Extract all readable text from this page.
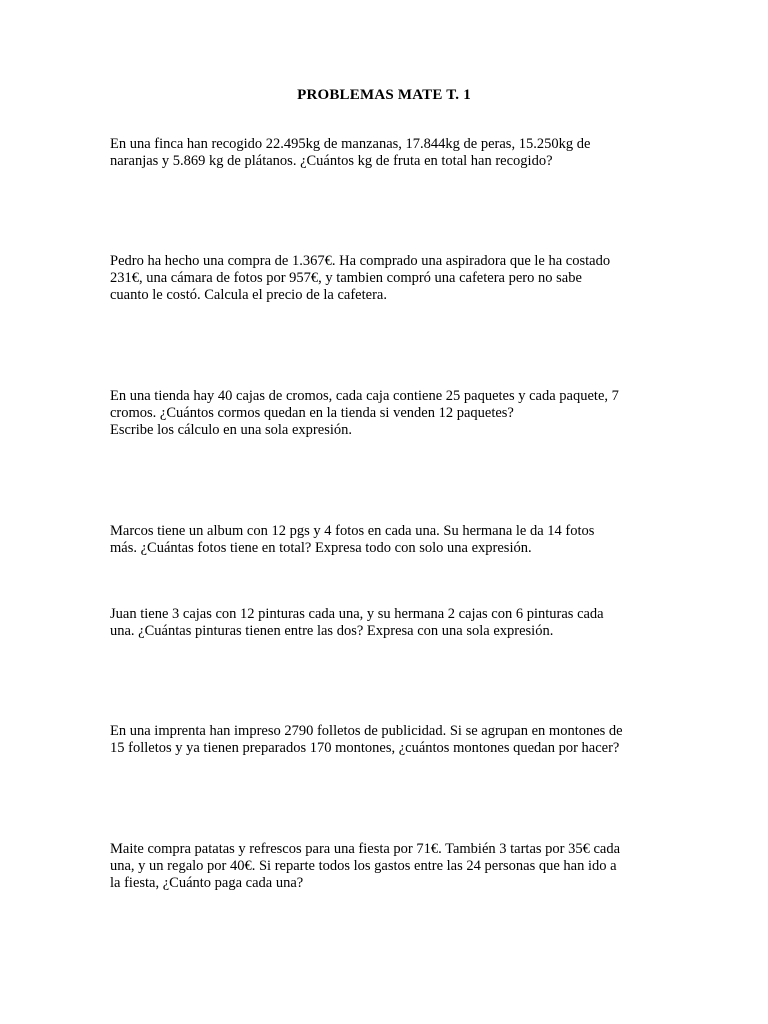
PROBLEMAS MATE T. 1
En una finca han recogido 22.495kg de manzanas, 17.844kg de peras, 15.250kg de
naranjas y 5.869 kg de plátanos. ¿Cuántos kg de fruta en total han recogido?
Pedro ha hecho una compra de 1.367€. Ha comprado una aspiradora que le ha costado
231€, una cámara de fotos por 957€, y tambien compró una cafetera pero no sabe
cuanto le costó. Calcula el precio de la cafetera.
En una tienda hay 40 cajas de cromos, cada caja contiene 25 paquetes y cada paquete, 7
cromos. ¿Cuántos cormos quedan en la tienda si venden 12 paquetes?
Escribe los cálculo en una sola expresión.
Marcos tiene un album con 12 pgs y 4 fotos en cada una. Su hermana le da 14 fotos
más. ¿Cuántas fotos tiene en total? Expresa todo con solo una expresión.
Juan tiene 3 cajas con 12 pinturas cada una, y su hermana 2 cajas con 6 pinturas cada
una. ¿Cuántas pinturas tienen entre las dos? Expresa con una sola expresión.
En una imprenta han impreso 2790 folletos de publicidad. Si se agrupan en montones de
15 folletos y ya tienen preparados 170 montones, ¿cuántos montones quedan por hacer?
Maite compra patatas y refrescos para una fiesta por 71€. También 3 tartas por 35€ cada
una, y un regalo por 40€. Si reparte todos los gastos entre las 24 personas que han ido a
la fiesta, ¿Cuánto paga cada una?
